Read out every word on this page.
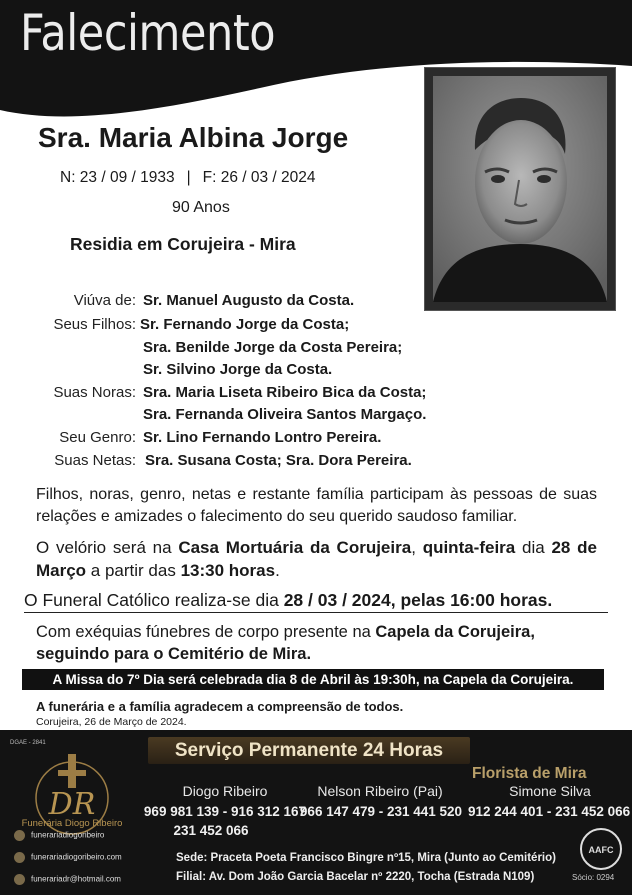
Falecimento
Sra. Maria Albina Jorge
N: 23 / 09 / 1933 | F: 26 / 03 / 2024
90 Anos
Residia em Corujeira - Mira
Viúva de: Sr. Manuel Augusto da Costa.
Seus Filhos: Sr. Fernando Jorge da Costa;
Sra. Benilde Jorge da Costa Pereira;
Sr. Silvino Jorge da Costa.
Suas Noras: Sra. Maria Liseta Ribeiro Bica da Costa;
Sra. Fernanda Oliveira Santos Margaço.
Seu Genro: Sr. Lino Fernando Lontro Pereira.
Suas Netas: Sra. Susana Costa; Sra. Dora Pereira.
Filhos, noras, genro, netas e restante família participam às pessoas de suas relações e amizades o falecimento do seu querido saudoso familiar.
O velório será na Casa Mortuária da Corujeira, quinta-feira dia 28 de Março a partir das 13:30 horas.
O Funeral Católico realiza-se dia 28 / 03 / 2024, pelas 16:00 horas.
Com exéquias fúnebres de corpo presente na Capela da Corujeira,
seguindo para o Cemitério de Mira.
A Missa do 7º Dia será celebrada dia 8 de Abril às 19:30h, na Capela da Corujeira.
A funerária e a família agradecem a compreensão de todos.
Corujeira, 26 de Março de 2024.
DGAE - 2841	Serviço Permanente 24 Horas
DR
Funerária Diogo Ribeiro
Florista de Mira
Diogo Ribeiro
969 981 139 - 916 312 167
231 452 066
Nelson Ribeiro (Pai)
966 147 479 - 231 441 520
Simone Silva
912 244 401 - 231 452 066
funerariadiogoribeiro
funerariadiogoribeiro.com
funerariadr@hotmail.com
Sede: Praceta Poeta Francisco Bingre nº15, Mira (Junto ao Cemitério)
Filial: Av. Dom João Garcia Bacelar nº 2220, Tocha (Estrada N109)
AAFC
Sócio: 0294
